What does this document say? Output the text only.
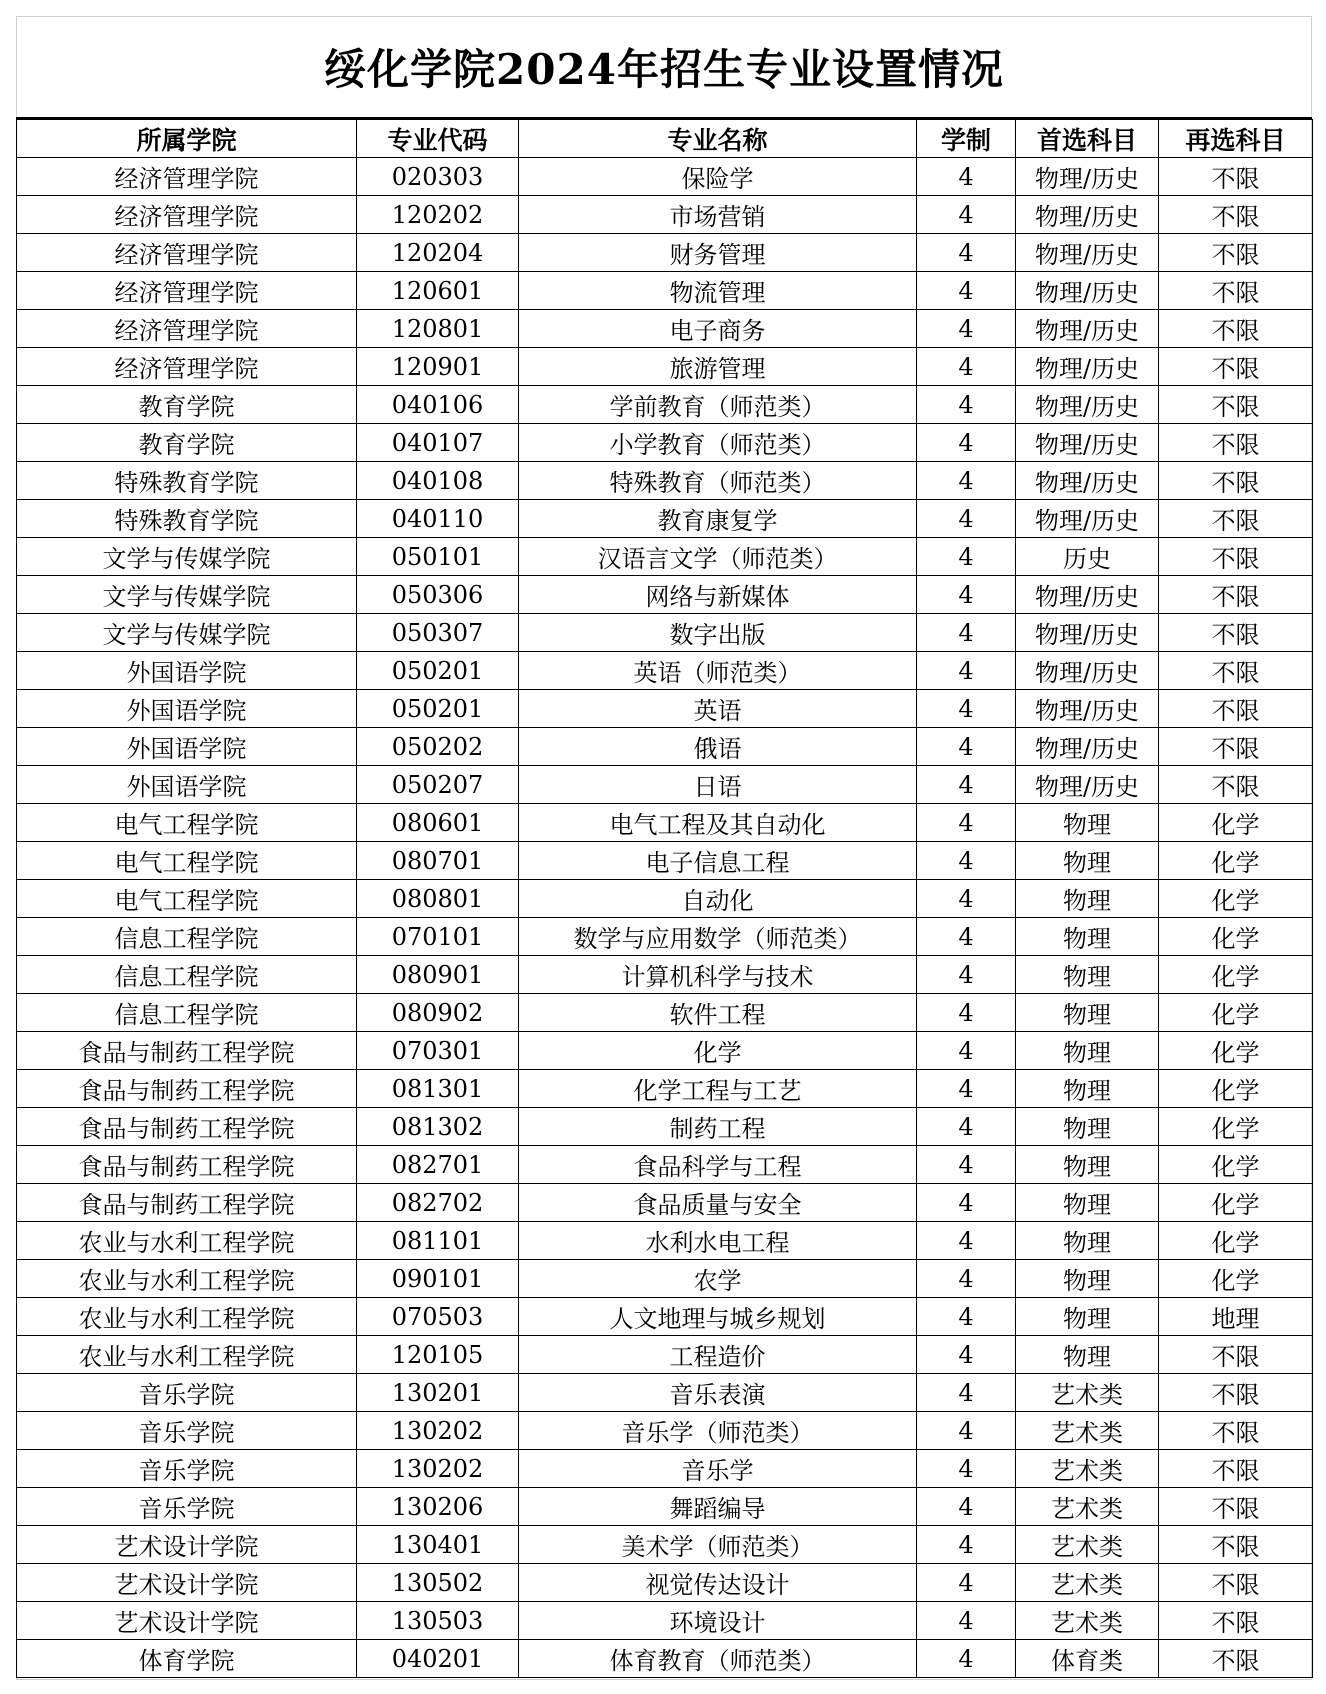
绥化学院2024年招生专业设置情况
所属学院	专业代码	专业名称	学制	首选科目	再选科目
经济管理学院	020303	保险学	4	物理/历史	不限
经济管理学院	120202	市场营销	4	物理/历史	不限
经济管理学院	120204	财务管理	4	物理/历史	不限
经济管理学院	120601	物流管理	4	物理/历史	不限
经济管理学院	120801	电子商务	4	物理/历史	不限
经济管理学院	120901	旅游管理	4	物理/历史	不限
教育学院	040106	学前教育（师范类）	4	物理/历史	不限
教育学院	040107	小学教育（师范类）	4	物理/历史	不限
特殊教育学院	040108	特殊教育（师范类）	4	物理/历史	不限
特殊教育学院	040110	教育康复学	4	物理/历史	不限
文学与传媒学院	050101	汉语言文学（师范类）	4	历史	不限
文学与传媒学院	050306	网络与新媒体	4	物理/历史	不限
文学与传媒学院	050307	数字出版	4	物理/历史	不限
外国语学院	050201	英语（师范类）	4	物理/历史	不限
外国语学院	050201	英语	4	物理/历史	不限
外国语学院	050202	俄语	4	物理/历史	不限
外国语学院	050207	日语	4	物理/历史	不限
电气工程学院	080601	电气工程及其自动化	4	物理	化学
电气工程学院	080701	电子信息工程	4	物理	化学
电气工程学院	080801	自动化	4	物理	化学
信息工程学院	070101	数学与应用数学（师范类）	4	物理	化学
信息工程学院	080901	计算机科学与技术	4	物理	化学
信息工程学院	080902	软件工程	4	物理	化学
食品与制药工程学院	070301	化学	4	物理	化学
食品与制药工程学院	081301	化学工程与工艺	4	物理	化学
食品与制药工程学院	081302	制药工程	4	物理	化学
食品与制药工程学院	082701	食品科学与工程	4	物理	化学
食品与制药工程学院	082702	食品质量与安全	4	物理	化学
农业与水利工程学院	081101	水利水电工程	4	物理	化学
农业与水利工程学院	090101	农学	4	物理	化学
农业与水利工程学院	070503	人文地理与城乡规划	4	物理	地理
农业与水利工程学院	120105	工程造价	4	物理	不限
音乐学院	130201	音乐表演	4	艺术类	不限
音乐学院	130202	音乐学（师范类）	4	艺术类	不限
音乐学院	130202	音乐学	4	艺术类	不限
音乐学院	130206	舞蹈编导	4	艺术类	不限
艺术设计学院	130401	美术学（师范类）	4	艺术类	不限
艺术设计学院	130502	视觉传达设计	4	艺术类	不限
艺术设计学院	130503	环境设计	4	艺术类	不限
体育学院	040201	体育教育（师范类）	4	体育类	不限
